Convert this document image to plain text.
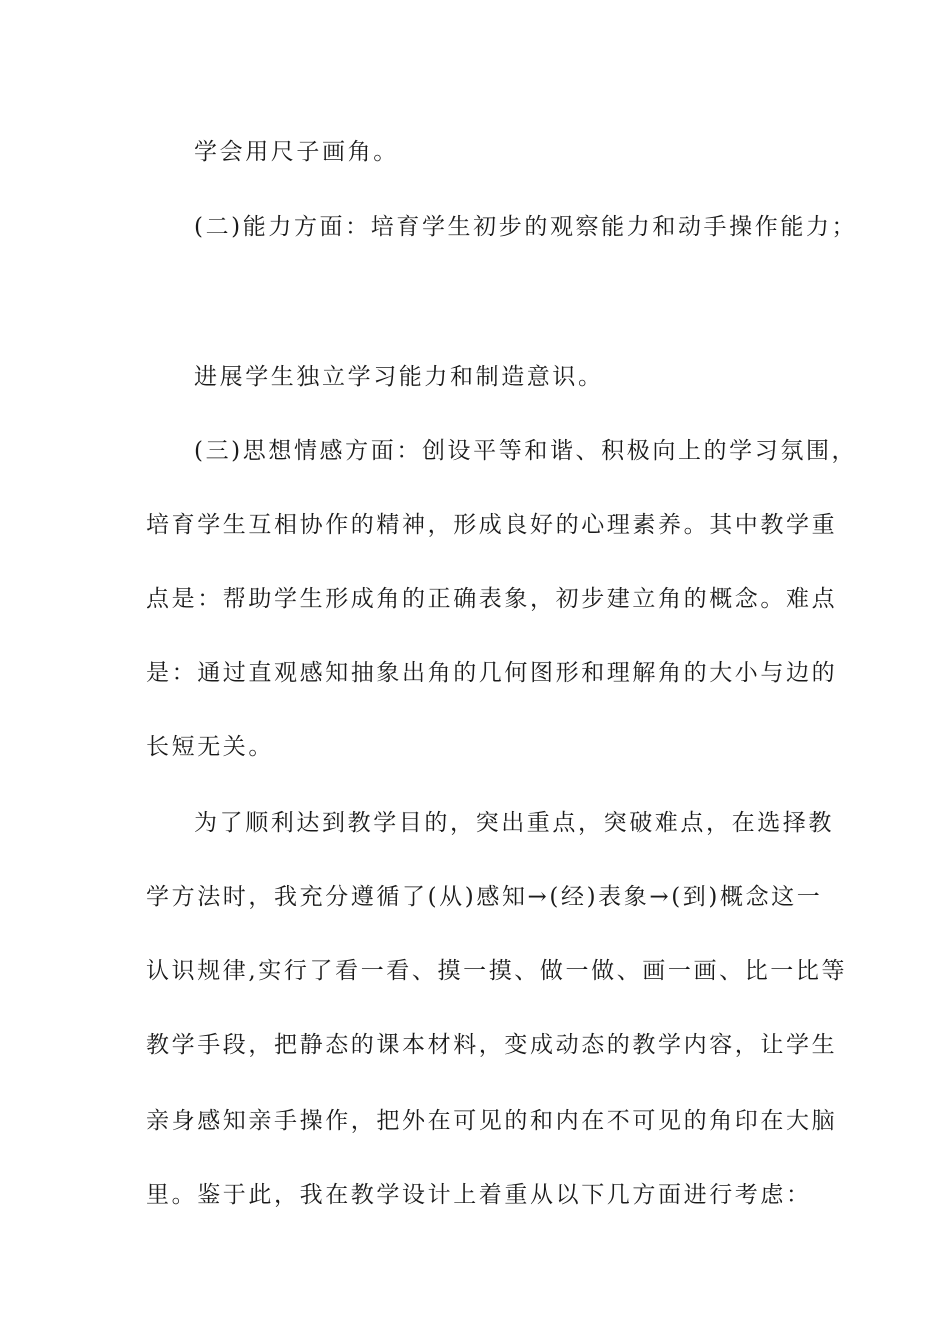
学会用尺子画角。
(二)能力方面：培育学生初步的观察能力和动手操作能力；
进展学生独立学习能力和制造意识。
(三)思想情感方面：创设平等和谐、积极向上的学习氛围，
培育学生互相协作的精神，形成良好的心理素养。其中教学重
点是：帮助学生形成角的正确表象，初步建立角的概念。难点
是：通过直观感知抽象出角的几何图形和理解角的大小与边的
长短无关。
为了顺利达到教学目的，突出重点，突破难点，在选择教
学方法时，我充分遵循了(从)感知→(经)表象→(到)概念这一
认识规律,实行了看一看、摸一摸、做一做、画一画、比一比等
教学手段，把静态的课本材料，变成动态的教学内容，让学生
亲身感知亲手操作，把外在可见的和内在不可见的角印在大脑
里。鉴于此，我在教学设计上着重从以下几方面进行考虑：
